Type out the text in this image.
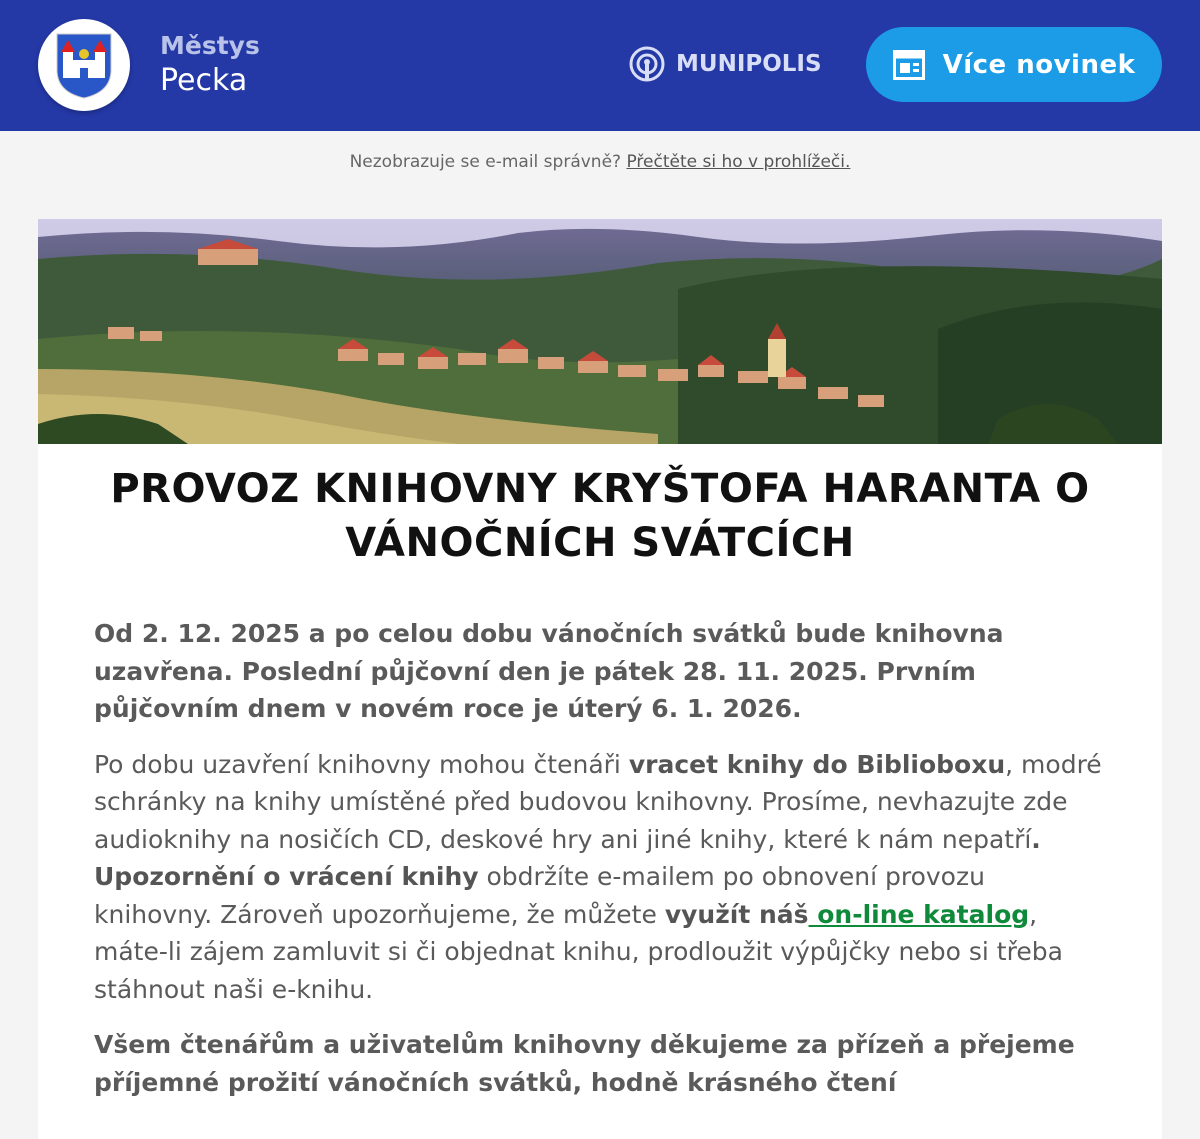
Městys
Pecka	MUNIPOLIS	Více novinek
Nezobrazuje se e-mail správně? Přečtěte si ho v prohlížeči.
PROVOZ KNIHOVNY KRYŠTOFA HARANTA O VÁNOČNÍCH SVÁTCÍCH
Od 2. 12. 2025 a po celou dobu vánočních svátků bude knihovna uzavřena. Poslední půjčovní den je pátek 28. 11. 2025. Prvním půjčovním dnem v novém roce je úterý 6. 1. 2026.
Po dobu uzavření knihovny mohou čtenáři vracet knihy do Biblioboxu, modré schránky na knihy umístěné před budovou knihovny. Prosíme, nevhazujte zde audioknihy na nosičích CD, deskové hry ani jiné knihy, které k nám nepatří.
Upozornění o vrácení knihy obdržíte e-mailem po obnovení provozu knihovny. Zároveň upozorňujeme, že můžete využít náš on-line katalog, máte-li zájem zamluvit si či objednat knihu, prodloužit výpůjčky nebo si třeba stáhnout naši e-knihu.
Všem čtenářům a uživatelům knihovny děkujeme za přízeň a přejeme příjemné prožití vánočních svátků, hodně krásného čtení
